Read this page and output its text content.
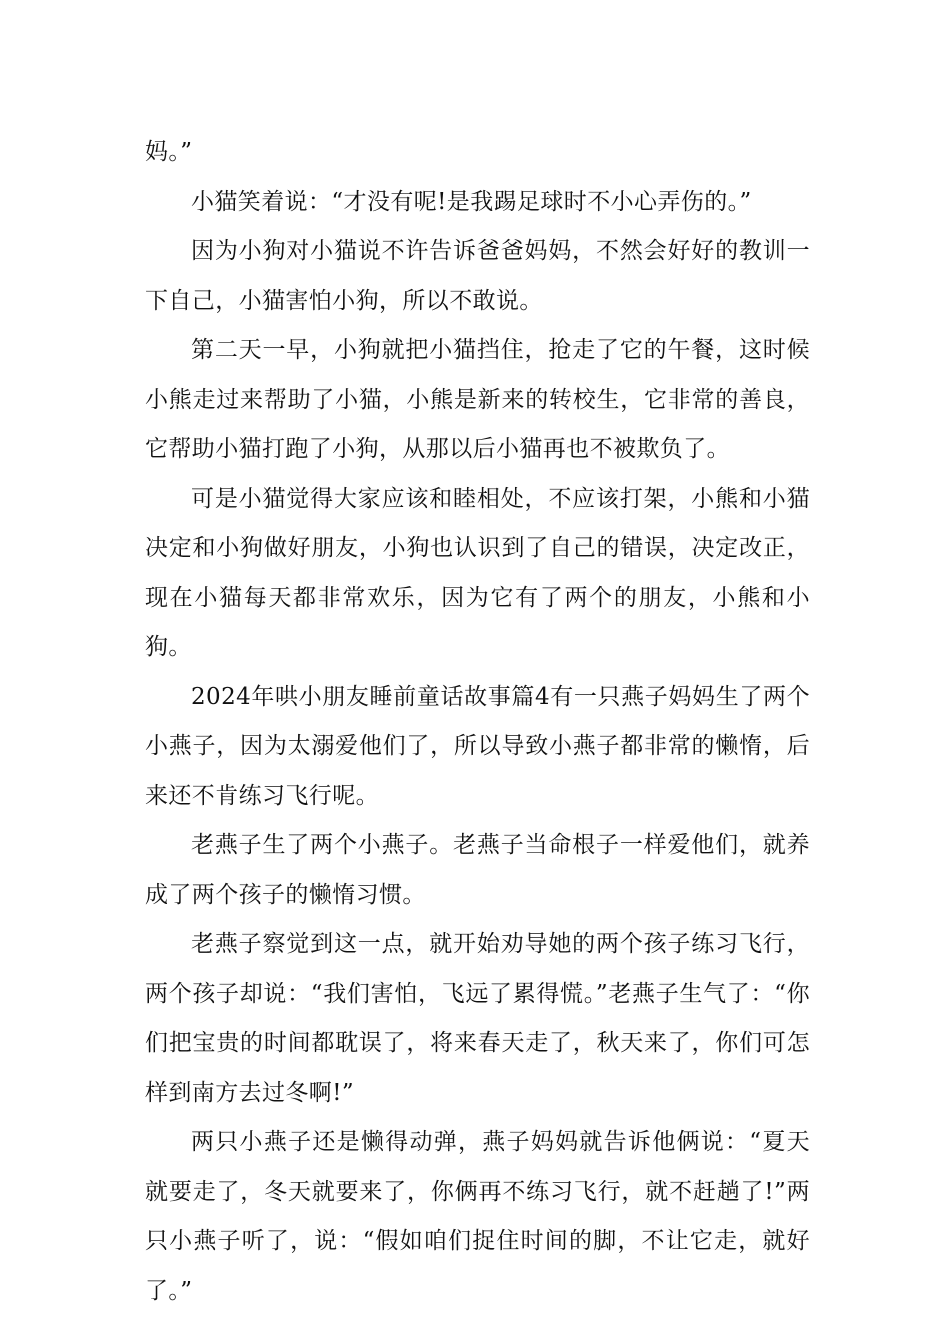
妈。”

小猫笑着说：“才没有呢!是我踢足球时不小心弄伤的。”

因为小狗对小猫说不许告诉爸爸妈妈，不然会好好的教训一下自己，小猫害怕小狗，所以不敢说。

第二天一早，小狗就把小猫挡住，抢走了它的午餐，这时候小熊走过来帮助了小猫，小熊是新来的转校生，它非常的善良，它帮助小猫打跑了小狗，从那以后小猫再也不被欺负了。

可是小猫觉得大家应该和睦相处，不应该打架，小熊和小猫决定和小狗做好朋友，小狗也认识到了自己的错误，决定改正，现在小猫每天都非常欢乐，因为它有了两个的朋友，小熊和小狗。

2024年哄小朋友睡前童话故事篇4有一只燕子妈妈生了两个小燕子，因为太溺爱他们了，所以导致小燕子都非常的懒惰，后来还不肯练习飞行呢。

老燕子生了两个小燕子。老燕子当命根子一样爱他们，就养成了两个孩子的懒惰习惯。

老燕子察觉到这一点，就开始劝导她的两个孩子练习飞行，两个孩子却说：“我们害怕，飞远了累得慌。”老燕子生气了：“你们把宝贵的时间都耽误了，将来春天走了，秋天来了，你们可怎样到南方去过冬啊!”

两只小燕子还是懒得动弹，燕子妈妈就告诉他俩说：“夏天就要走了，冬天就要来了，你俩再不练习飞行，就不赶趟了!”两只小燕子听了，说：“假如咱们捉住时间的脚，不让它走，就好了。”
